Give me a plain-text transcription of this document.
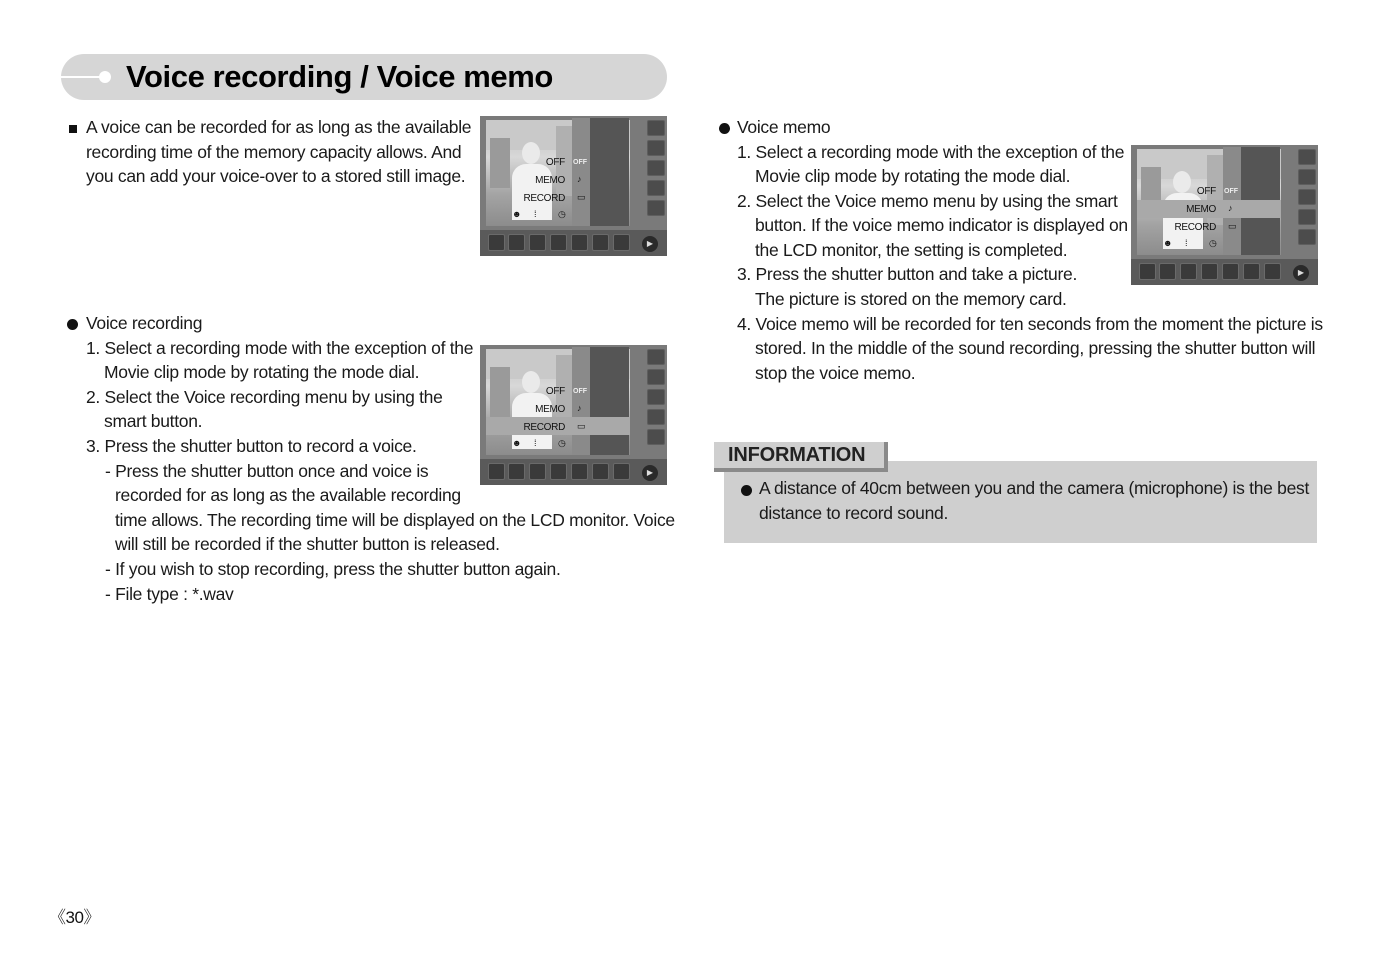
Voice recording / Voice memo
A voice can be recorded for as long as the available
recording time of the memory capacity allows. And
you can add your voice-over to a stored still image.
OFF
OFF
MEMO
RECORD
♪
▭
☻ ⁞ ◷
▶
Voice recording
1. Select a recording mode with the exception of the
Movie clip mode by rotating the mode dial.
2. Select the Voice recording menu by using the
smart button.
3. Press the shutter button to record a voice.
- Press the shutter button once and voice is
recorded for as long as the available recording
time allows. The recording time will be displayed on the LCD monitor. Voice
will still be recorded if the shutter button is released.
- If you wish to stop recording, press the shutter button again.
- File type : *.wav
OFF
OFF
MEMO
RECORD
♪
▭
☻ ⁞ ◷
▶
Voice memo
1. Select a recording mode with the exception of the
Movie clip mode by rotating the mode dial.
2. Select the Voice memo menu by using the smart
button. If the voice memo indicator is displayed on
the LCD monitor, the setting is completed.
3. Press the shutter button and take a picture.
The picture is stored on the memory card.
4. Voice memo will be recorded for ten seconds from the moment the picture is
stored. In the middle of the sound recording, pressing the shutter button will
stop the voice memo.
OFF
OFF
MEMO
RECORD
♪
▭
☻ ⁞ ◷
▶
INFORMATION
A distance of 40cm between you and the camera (microphone) is the best
distance to record sound.
《30》
